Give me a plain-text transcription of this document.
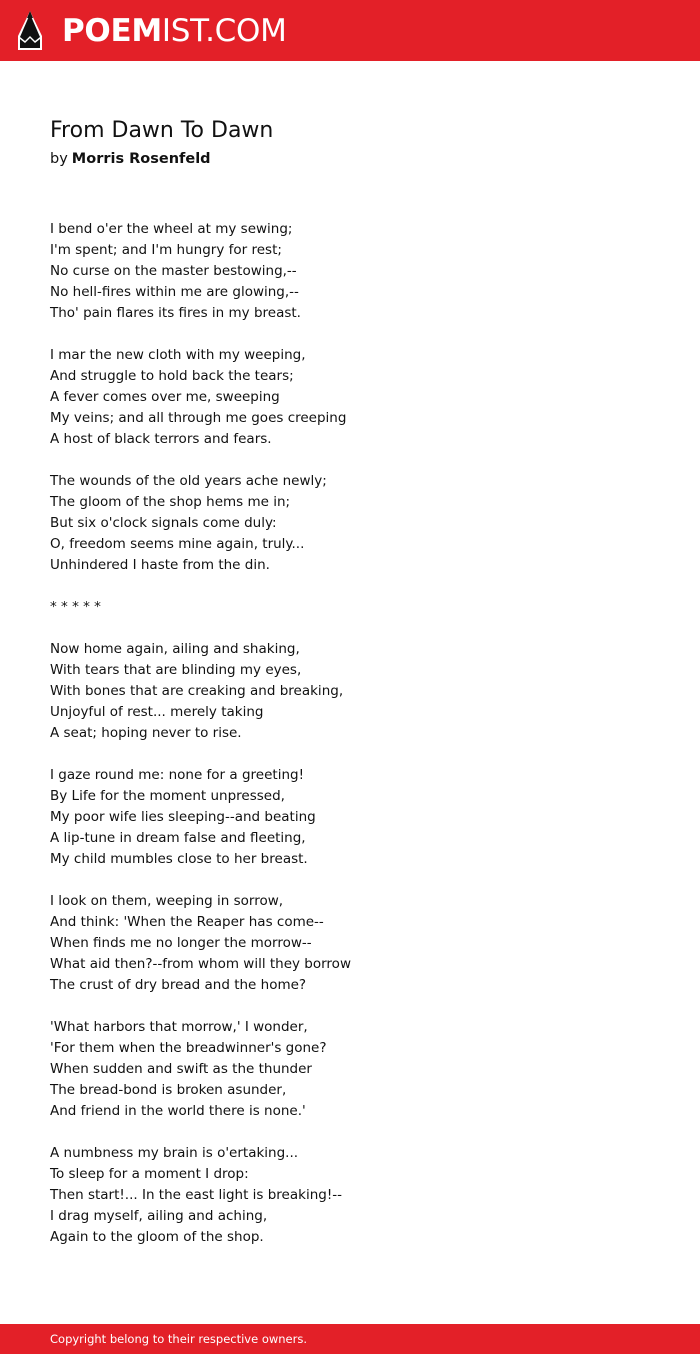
POEMIST.COM
From Dawn To Dawn
by Morris Rosenfeld
I bend o'er the wheel at my sewing;
I'm spent; and I'm hungry for rest;
No curse on the master bestowing,--
No hell-fires within me are glowing,--
Tho' pain flares its fires in my breast.
I mar the new cloth with my weeping,
And struggle to hold back the tears;
A fever comes over me, sweeping
My veins; and all through me goes creeping
A host of black terrors and fears.
The wounds of the old years ache newly;
The gloom of the shop hems me in;
But six o'clock signals come duly:
O, freedom seems mine again, truly...
Unhindered I haste from the din.
* * * * *
Now home again, ailing and shaking,
With tears that are blinding my eyes,
With bones that are creaking and breaking,
Unjoyful of rest... merely taking
A seat; hoping never to rise.
I gaze round me: none for a greeting!
By Life for the moment unpressed,
My poor wife lies sleeping--and beating
A lip-tune in dream false and fleeting,
My child mumbles close to her breast.
I look on them, weeping in sorrow,
And think: 'When the Reaper has come--
When finds me no longer the morrow--
What aid then?--from whom will they borrow
The crust of dry bread and the home?
'What harbors that morrow,' I wonder,
'For them when the breadwinner's gone?
When sudden and swift as the thunder
The bread-bond is broken asunder,
And friend in the world there is none.'
A numbness my brain is o'ertaking...
To sleep for a moment I drop:
Then start!... In the east light is breaking!--
I drag myself, ailing and aching,
Again to the gloom of the shop.
Copyright belong to their respective owners.
